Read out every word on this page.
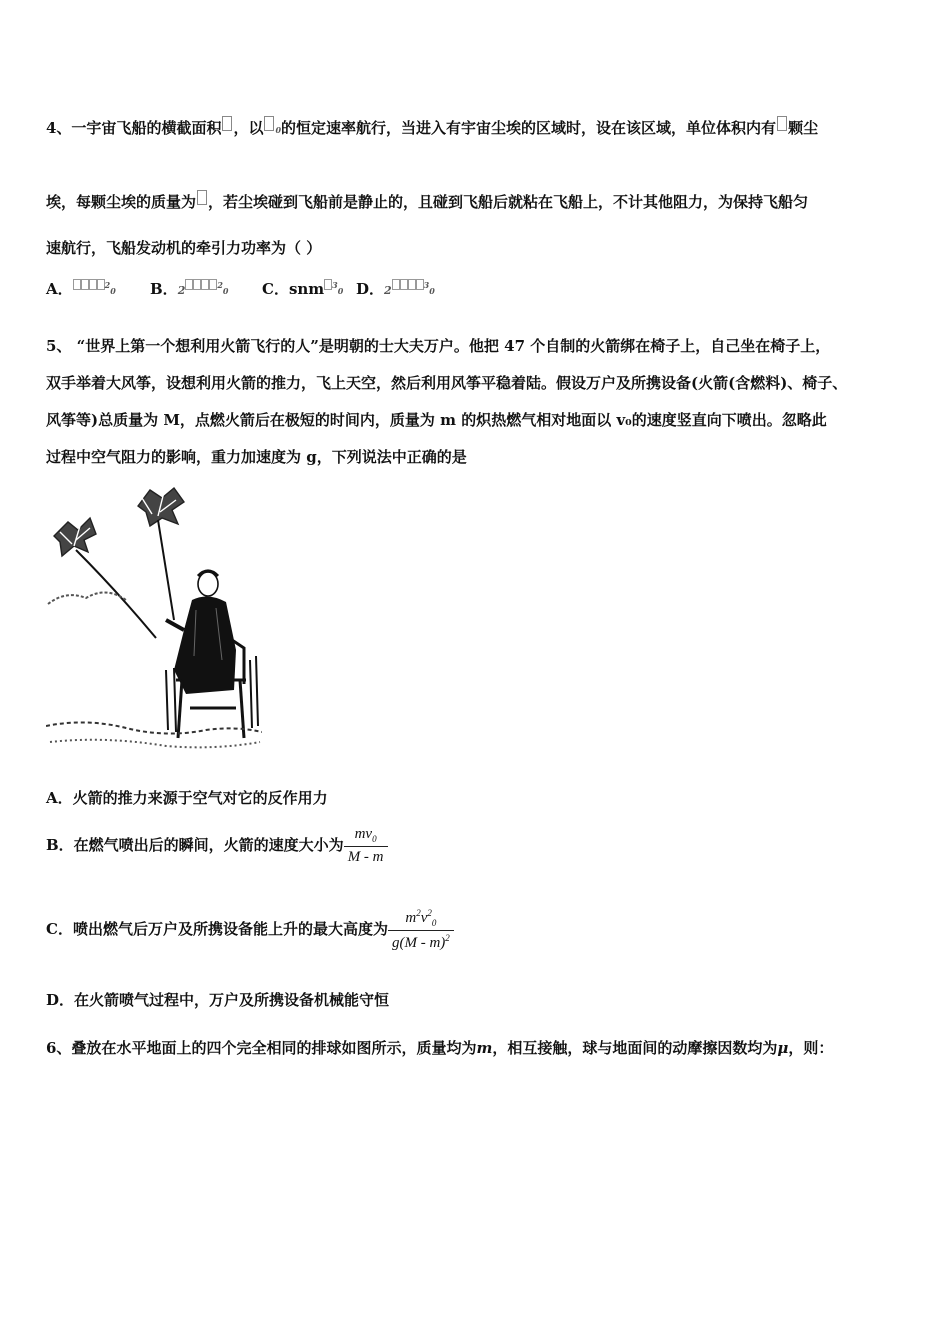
4、一宇宙飞船的横截面积 ，以 0的恒定速率航行，当进入有宇宙尘埃的区域时，设在该区域，单位体积内有 颗尘
埃，每颗尘埃的质量为 ，若尘埃碰到飞船前是静止的，且碰到飞船后就粘在飞船上，不计其他阻力，为保持飞船匀
速航行，飞船发动机的牵引力功率为（ ）
A．	$^2$0 B．2	$^2$0 C．snm $^3$0 D．2	$^3$0
5、 “世界上第一个想利用火箭飞行的人”是明朝的士大夫万户。他把 47 个自制的火箭绑在椅子上，自己坐在椅子上，
双手举着大风筝，设想利用火箭的推力，飞上天空，然后利用风筝平稳着陆。假设万户及所携设备(火箭(含燃料)、椅子、
风筝等)总质量为 M，点燃火箭后在极短的时间内，质量为 m 的炽热燃气相对地面以 v₀的速度竖直向下喷出。忽略此
过程中空气阻力的影响，重力加速度为 g，下列说法中正确的是
A．火箭的推力来源于空气对它的反作用力
B．在燃气喷出后的瞬间，火箭的速度大小为 $\frac{mv_0}{M - m}$
C．喷出燃气后万户及所携设备能上升的最大高度为 $\frac{m^2v^2_0}{g(M - m)^2}$
D．在火箭喷气过程中，万户及所携设备机械能守恒
6、叠放在水平地面上的四个完全相同的排球如图所示，质量均为m，相互接触，球与地面间的动摩擦因数均为μ，则：
